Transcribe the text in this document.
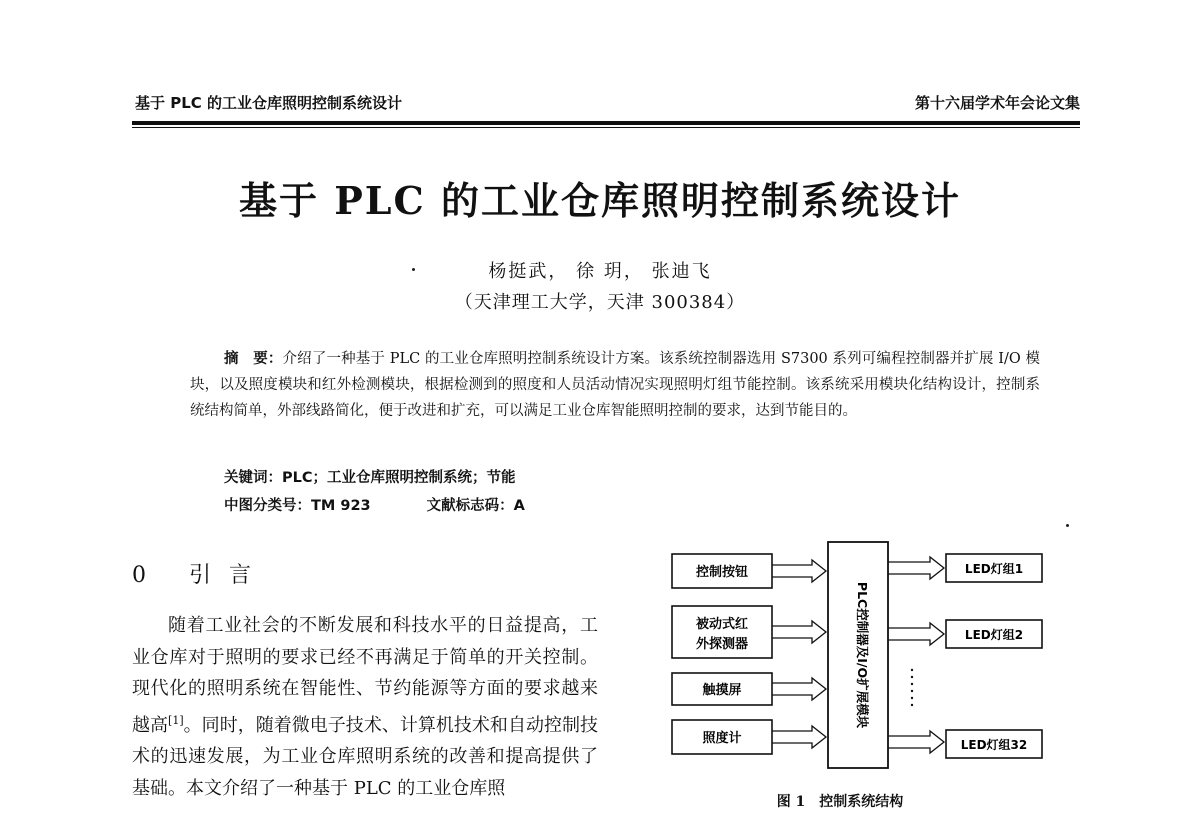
基于 PLC 的工业仓库照明控制系统设计	第十六届学术年会论文集
基于 PLC 的工业仓库照明控制系统设计
杨挺武， 徐 玥， 张迪飞
（天津理工大学，天津 300384）
摘　要：介绍了一种基于 PLC 的工业仓库照明控制系统设计方案。该系统控制器选用 S7300 系列可编程控制器并扩展 I/O 模块，以及照度模块和红外检测模块，根据检测到的照度和人员活动情况实现照明灯组节能控制。该系统采用模块化结构设计，控制系统结构简单，外部线路简化，便于改进和扩充，可以满足工业仓库智能照明控制的要求，达到节能目的。
关键词：PLC；工业仓库照明控制系统；节能
中图分类号：TM 923	文献标志码：A
0 引言
随着工业社会的不断发展和科技水平的日益提高，工业仓库对于照明的要求已经不再满足于简单的开关控制。现代化的照明系统在智能性、节约能源等方面的要求越来越高[1]。同时，随着微电子技术、计算机技术和自动控制技术的迅速发展，为工业仓库照明系统的改善和提高提供了基础。本文介绍了一种基于 PLC 的工业仓库照
控制按钮
被动式红
外探测器
触摸屏
照度计
PLC控制器及I/O扩展模块
LED灯组1
LED灯组2
LED灯组32
图 1　控制系统结构
